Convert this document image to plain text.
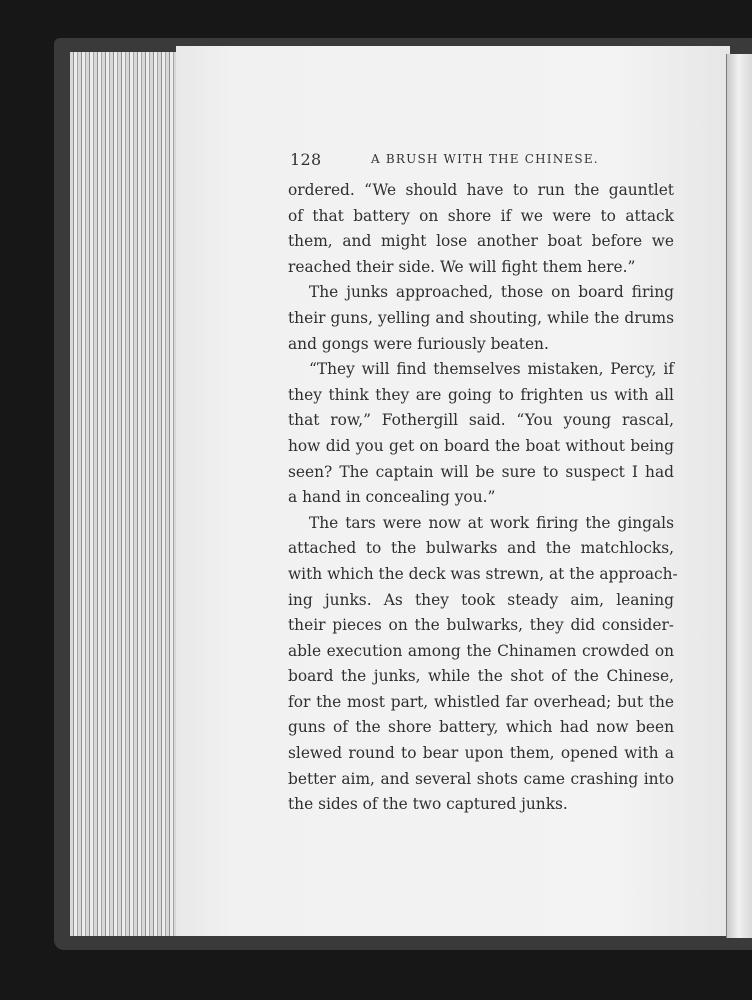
128	A BRUSH WITH THE CHINESE.
ordered. “We should have to run the gauntlet
of that battery on shore if we were to attack
them, and might lose another boat before we
reached their side. We will fight them here.”
The junks approached, those on board firing
their guns, yelling and shouting, while the drums
and gongs were furiously beaten.
“They will find themselves mistaken, Percy, if
they think they are going to frighten us with all
that row,” Fothergill said. “You young rascal,
how did you get on board the boat without being
seen? The captain will be sure to suspect I had
a hand in concealing you.”
The tars were now at work firing the gingals
attached to the bulwarks and the matchlocks,
with which the deck was strewn, at the approach-
ing junks. As they took steady aim, leaning
their pieces on the bulwarks, they did consider-
able execution among the Chinamen crowded on
board the junks, while the shot of the Chinese,
for the most part, whistled far overhead; but the
guns of the shore battery, which had now been
slewed round to bear upon them, opened with a
better aim, and several shots came crashing into
the sides of the two captured junks.
